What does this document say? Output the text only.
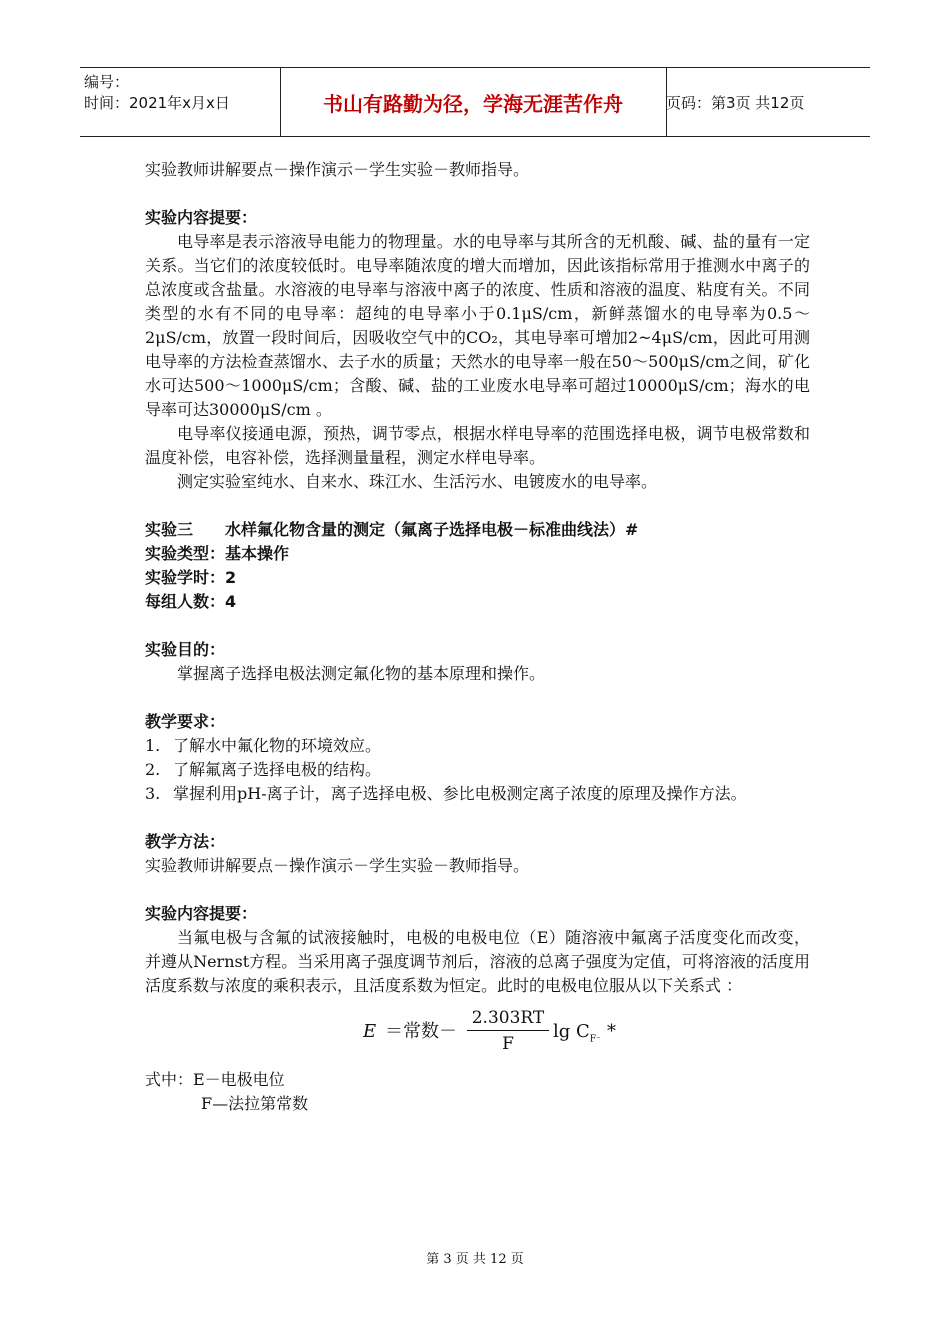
编号：
时间：2021年x月x日	书山有路勤为径，学海无涯苦作舟	页码：第3页 共12页

实验教师讲解要点－操作演示－学生实验－教师指导。

实验内容提要：

电导率是表示溶液导电能力的物理量。水的电导率与其所含的无机酸、碱、盐的量有一定关系。当它们的浓度较低时。电导率随浓度的增大而增加，因此该指标常用于推测水中离子的总浓度或含盐量。水溶液的电导率与溶液中离子的浓度、性质和溶液的温度、粘度有关。不同类型的水有不同的电导率：超纯的电导率小于0.1μS/cm，新鲜蒸馏水的电导率为0.5～2μS/cm，放置一段时间后，因吸收空气中的CO₂，其电导率可增加2~4μS/cm，因此可用测电导率的方法检查蒸馏水、去子水的质量；天然水的电导率一般在50～500μS/cm之间，矿化水可达500～1000μS/cm；含酸、碱、盐的工业废水电导率可超过10000μS/cm；海水的电导率可达30000μS/cm 。

电导率仪接通电源，预热，调节零点，根据水样电导率的范围选择电极，调节电极常数和温度补偿，电容补偿，选择测量量程，测定水样电导率。

测定实验室纯水、自来水、珠江水、生活污水、电镀废水的电导率。

实验三　　水样氟化物含量的测定（氟离子选择电极－标准曲线法）#

实验类型：基本操作

实验学时：2

每组人数：4

实验目的：

掌握离子选择电极法测定氟化物的基本原理和操作。

教学要求：

1. 了解水中氟化物的环境效应。
2. 了解氟离子选择电极的结构。
3. 掌握利用pH-离子计，离子选择电极、参比电极测定离子浓度的原理及操作方法。

教学方法：

实验教师讲解要点－操作演示－学生实验－教师指导。

实验内容提要：

当氟电极与含氟的试液接触时，电极的电极电位（E）随溶液中氟离子活度变化而改变，并遵从Nernst方程。当采用离子强度调节剂后，溶液的总离子强度为定值，可将溶液的活度用活度系数与浓度的乘积表示，且活度系数为恒定。此时的电极电位服从以下关系式 ：

E ＝常数－ $\frac{2.303RT}{F}$ $\lg C_{F^-}$ *

式中：E－电极电位

F—法拉第常数

第 3 页 共 12 页
